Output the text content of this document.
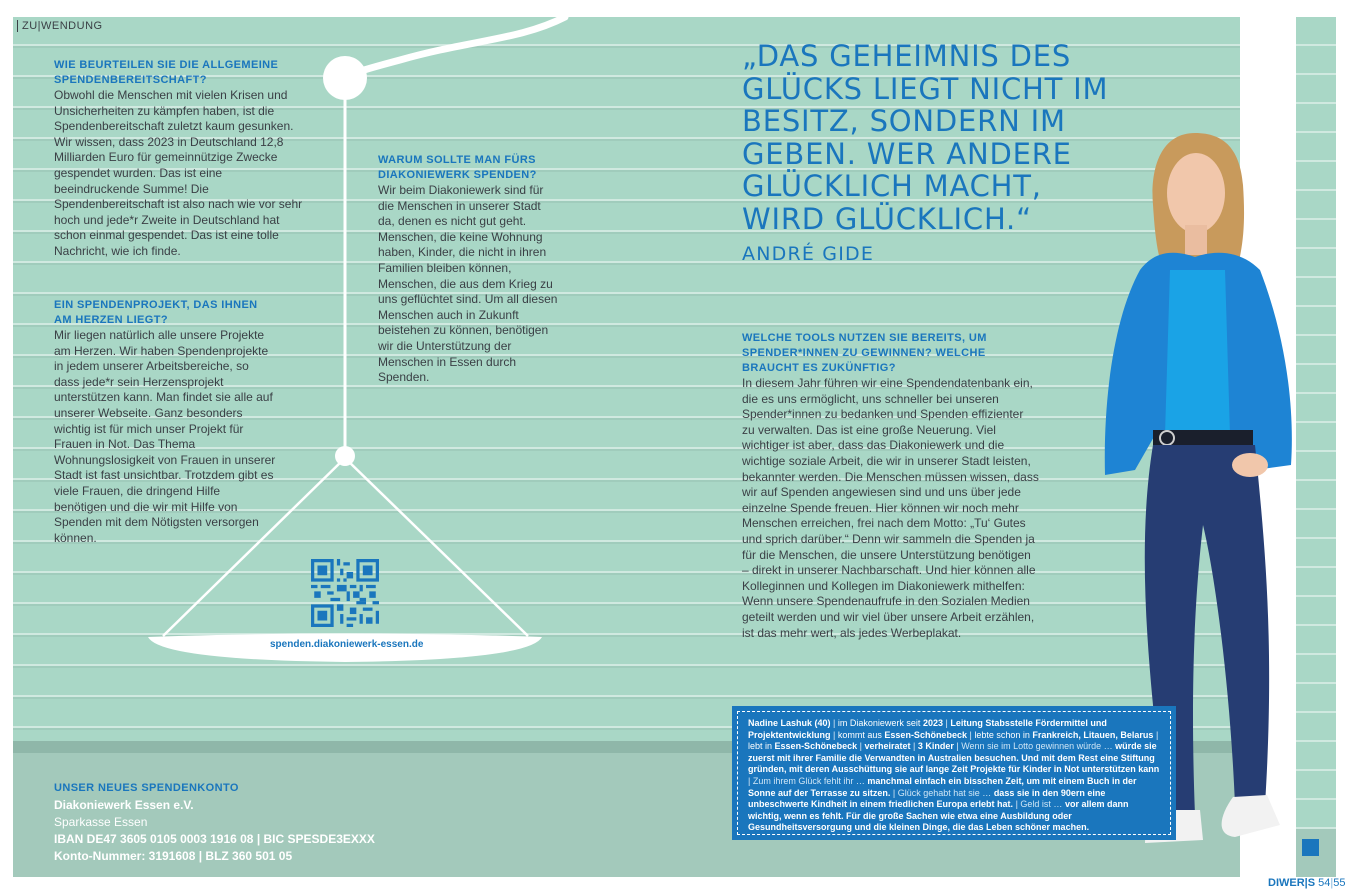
spenden.diakoniewerk-essen.de
ZU|WENDUNG
WIE BEURTEILEN SIE DIE ALLGEMEINE SPENDENBEREITSCHAFT?

Obwohl die Menschen mit vielen Krisen und Unsicherheiten zu kämpfen haben, ist die Spendenbereitschaft zuletzt kaum gesunken. Wir wissen, dass 2023 in Deutschland 12,8 Milliarden Euro für gemeinnützige Zwecke gespendet wurden. Das ist eine beeindruckende Summe! Die Spendenbereitschaft ist also nach wie vor sehr hoch und jede*r Zweite in Deutschland hat schon einmal gespendet. Das ist eine tolle Nachricht, wie ich finde.

EIN SPENDENPROJEKT, DAS IHNEN AM HERZEN LIEGT?

Mir liegen natürlich alle unsere Projekte am Herzen. Wir haben Spendenprojekte in jedem unserer Arbeitsbereiche, so dass jede*r sein Herzensprojekt unterstützen kann. Man findet sie alle auf unserer Webseite. Ganz besonders wichtig ist für mich unser Projekt für Frauen in Not. Das Thema Wohnungslosigkeit von Frauen in unserer Stadt ist fast unsichtbar. Trotzdem gibt es viele Frauen, die dringend Hilfe benötigen und die wir mit Hilfe von Spenden mit dem Nötigsten versorgen können.

WARUM SOLLTE MAN FÜRS DIAKONIEWERK SPENDEN?

Wir beim Diakoniewerk sind für die Menschen in unserer Stadt da, denen es nicht gut geht. Menschen, die keine Wohnung haben, Kinder, die nicht in ihren Familien bleiben können, Menschen, die aus dem Krieg zu uns geflüchtet sind. Um all diesen Menschen auch in Zukunft beistehen zu können, benötigen wir die Unterstützung der Menschen in Essen durch Spenden.

„DAS GEHEIMNIS DES GLÜCKS LIEGT NICHT IM BESITZ, SONDERN IM GEBEN. WER ANDERE GLÜCKLICH MACHT, WIRD GLÜCKLICH.“
ANDRÉ GIDE
WELCHE TOOLS NUTZEN SIE BEREITS, UM SPENDER*INNEN ZU GEWINNEN? WELCHE BRAUCHT ES ZUKÜNFTIG?

In diesem Jahr führen wir eine Spendendatenbank ein, die es uns ermöglicht, uns schneller bei unseren Spender*innen zu bedanken und Spenden effizienter zu verwalten. Das ist eine große Neuerung. Viel wichtiger ist aber, dass das Diakoniewerk und die wichtige soziale Arbeit, die wir in unserer Stadt leisten, bekannter werden. Die Menschen müssen wissen, dass wir auf Spenden angewiesen sind und uns über jede einzelne Spende freuen. Hier können wir noch mehr Menschen erreichen, frei nach dem Motto: „Tu‘ Gutes und sprich darüber.“ Denn wir sammeln die Spenden ja für die Menschen, die unsere Unterstützung benötigen – direkt in unserer Nachbarschaft. Und hier können alle Kolleginnen und Kollegen im Diakoniewerk mithelfen: Wenn unsere Spendenaufrufe in den Sozialen Medien geteilt werden und wir viel über unsere Arbeit erzählen, ist das mehr wert, als jedes Werbeplakat.

UNSER NEUES SPENDENKONTO
Diakoniewerk Essen e.V.
Sparkasse Essen
IBAN DE47 3605 0105 0003 1916 08 | BIC SPESDE3EXXX
Konto-Nummer: 3191608 | BLZ 360 501 05
Nadine Lashuk (40) | im Diakoniewerk seit 2023 | Leitung Stabsstelle Fördermittel und Projektentwicklung | kommt aus Essen-Schönebeck | lebte schon in Frankreich, Litauen, Belarus | lebt in Essen-Schönebeck | verheiratet | 3 Kinder | Wenn sie im Lotto gewinnen würde … würde sie zuerst mit ihrer Familie die Verwandten in Australien besuchen. Und mit dem Rest eine Stiftung gründen, mit deren Ausschüttung sie auf lange Zeit Projekte für Kinder in Not unterstützen kann | Zum ihrem Glück fehlt ihr … manchmal einfach ein bisschen Zeit, um mit einem Buch in der Sonne auf der Terrasse zu sitzen. | Glück gehabt hat sie … dass sie in den 90ern eine unbeschwerte Kindheit in einem friedlichen Europa erlebt hat. | Geld ist … vor allem dann wichtig, wenn es fehlt. Für die große Sachen wie etwa eine Ausbildung oder Gesundheitsversorgung und die kleinen Dinge, die das Leben schöner machen.
DIWER|S 54|55
